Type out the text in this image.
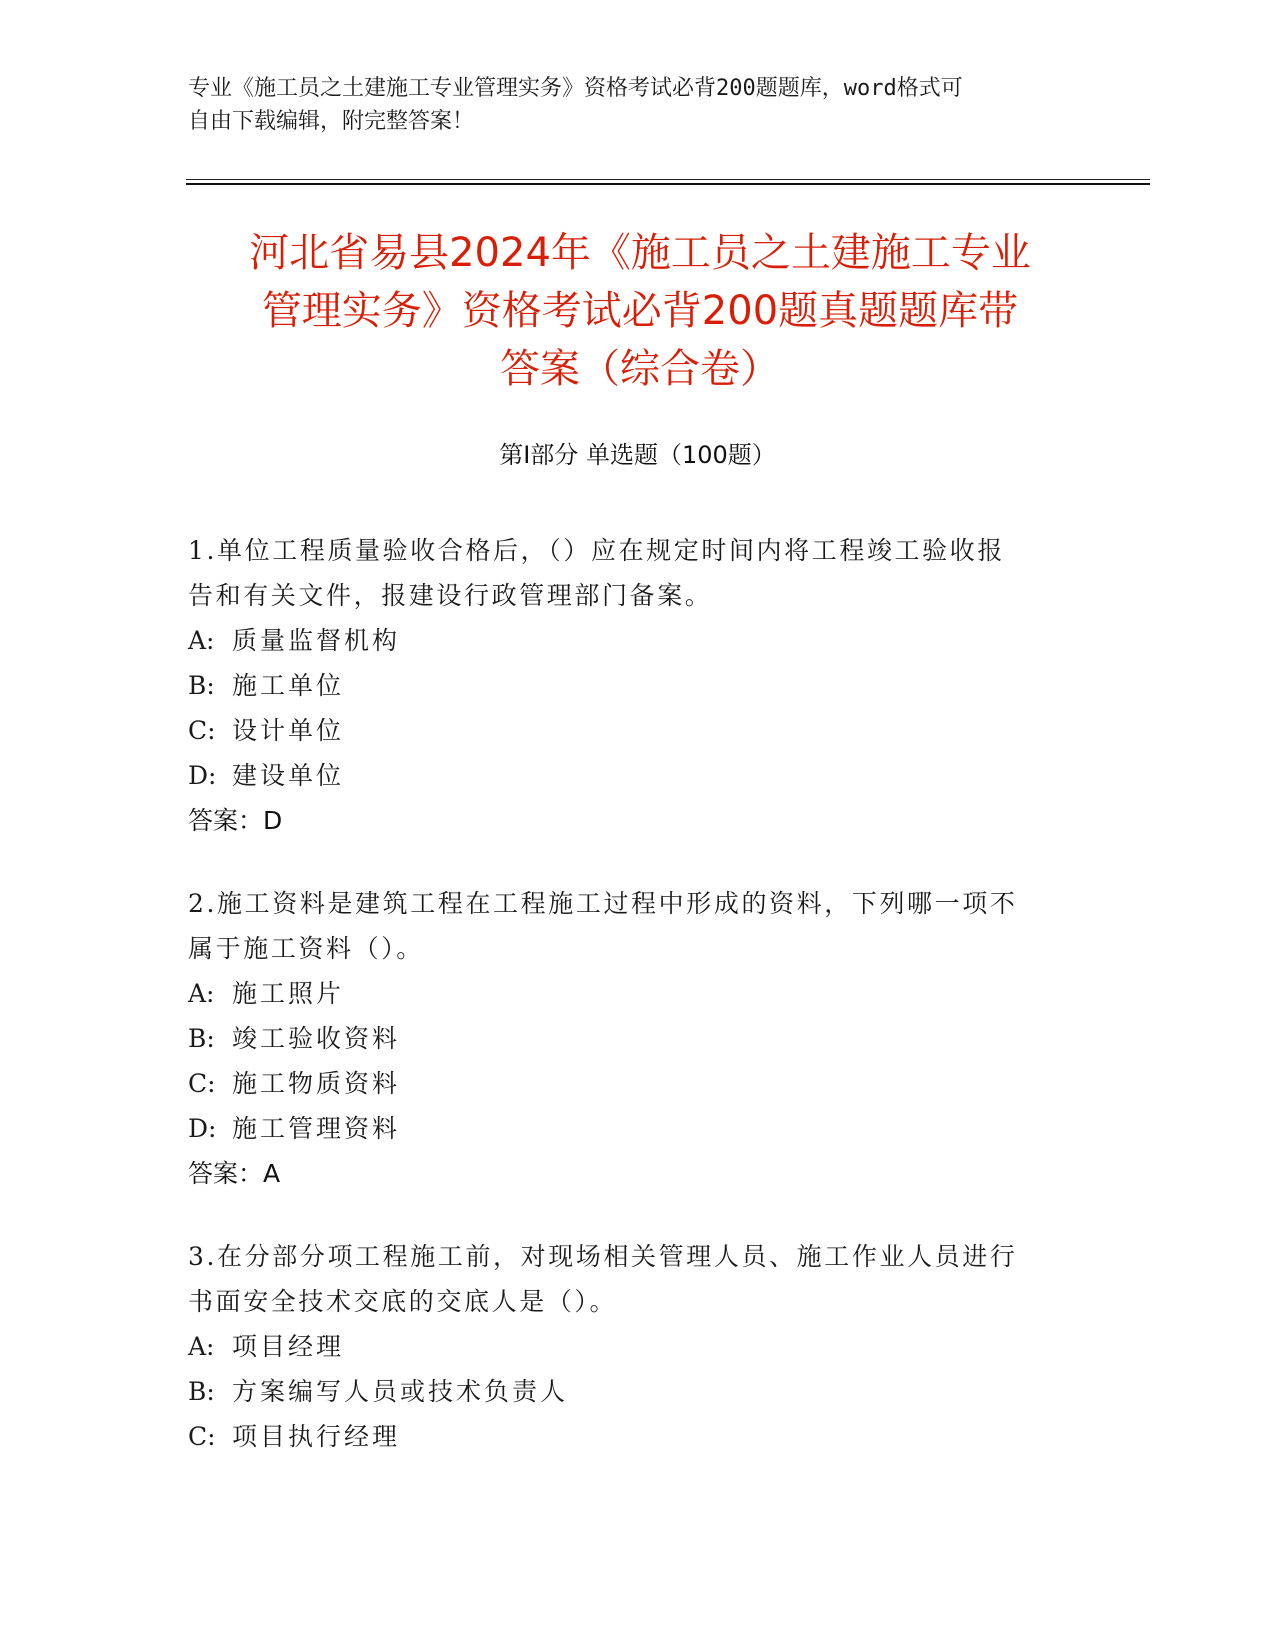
专业《施工员之土建施工专业管理实务》资格考试必背200题题库，word格式可
自由下载编辑，附完整答案！
河北省易县2024年《施工员之土建施工专业
管理实务》资格考试必背200题真题题库带
答案（综合卷）
第Ⅰ部分 单选题（100题）
1.单位工程质量验收合格后，（）应在规定时间内将工程竣工验收报
告和有关文件，报建设行政管理部门备案。
A: 质量监督机构
B: 施工单位
C: 设计单位
D: 建设单位
答案：D
2.施工资料是建筑工程在工程施工过程中形成的资料，下列哪一项不
属于施工资料（）。
A: 施工照片
B: 竣工验收资料
C: 施工物质资料
D: 施工管理资料
答案：A
3.在分部分项工程施工前，对现场相关管理人员、施工作业人员进行
书面安全技术交底的交底人是（）。
A: 项目经理
B: 方案编写人员或技术负责人
C: 项目执行经理
